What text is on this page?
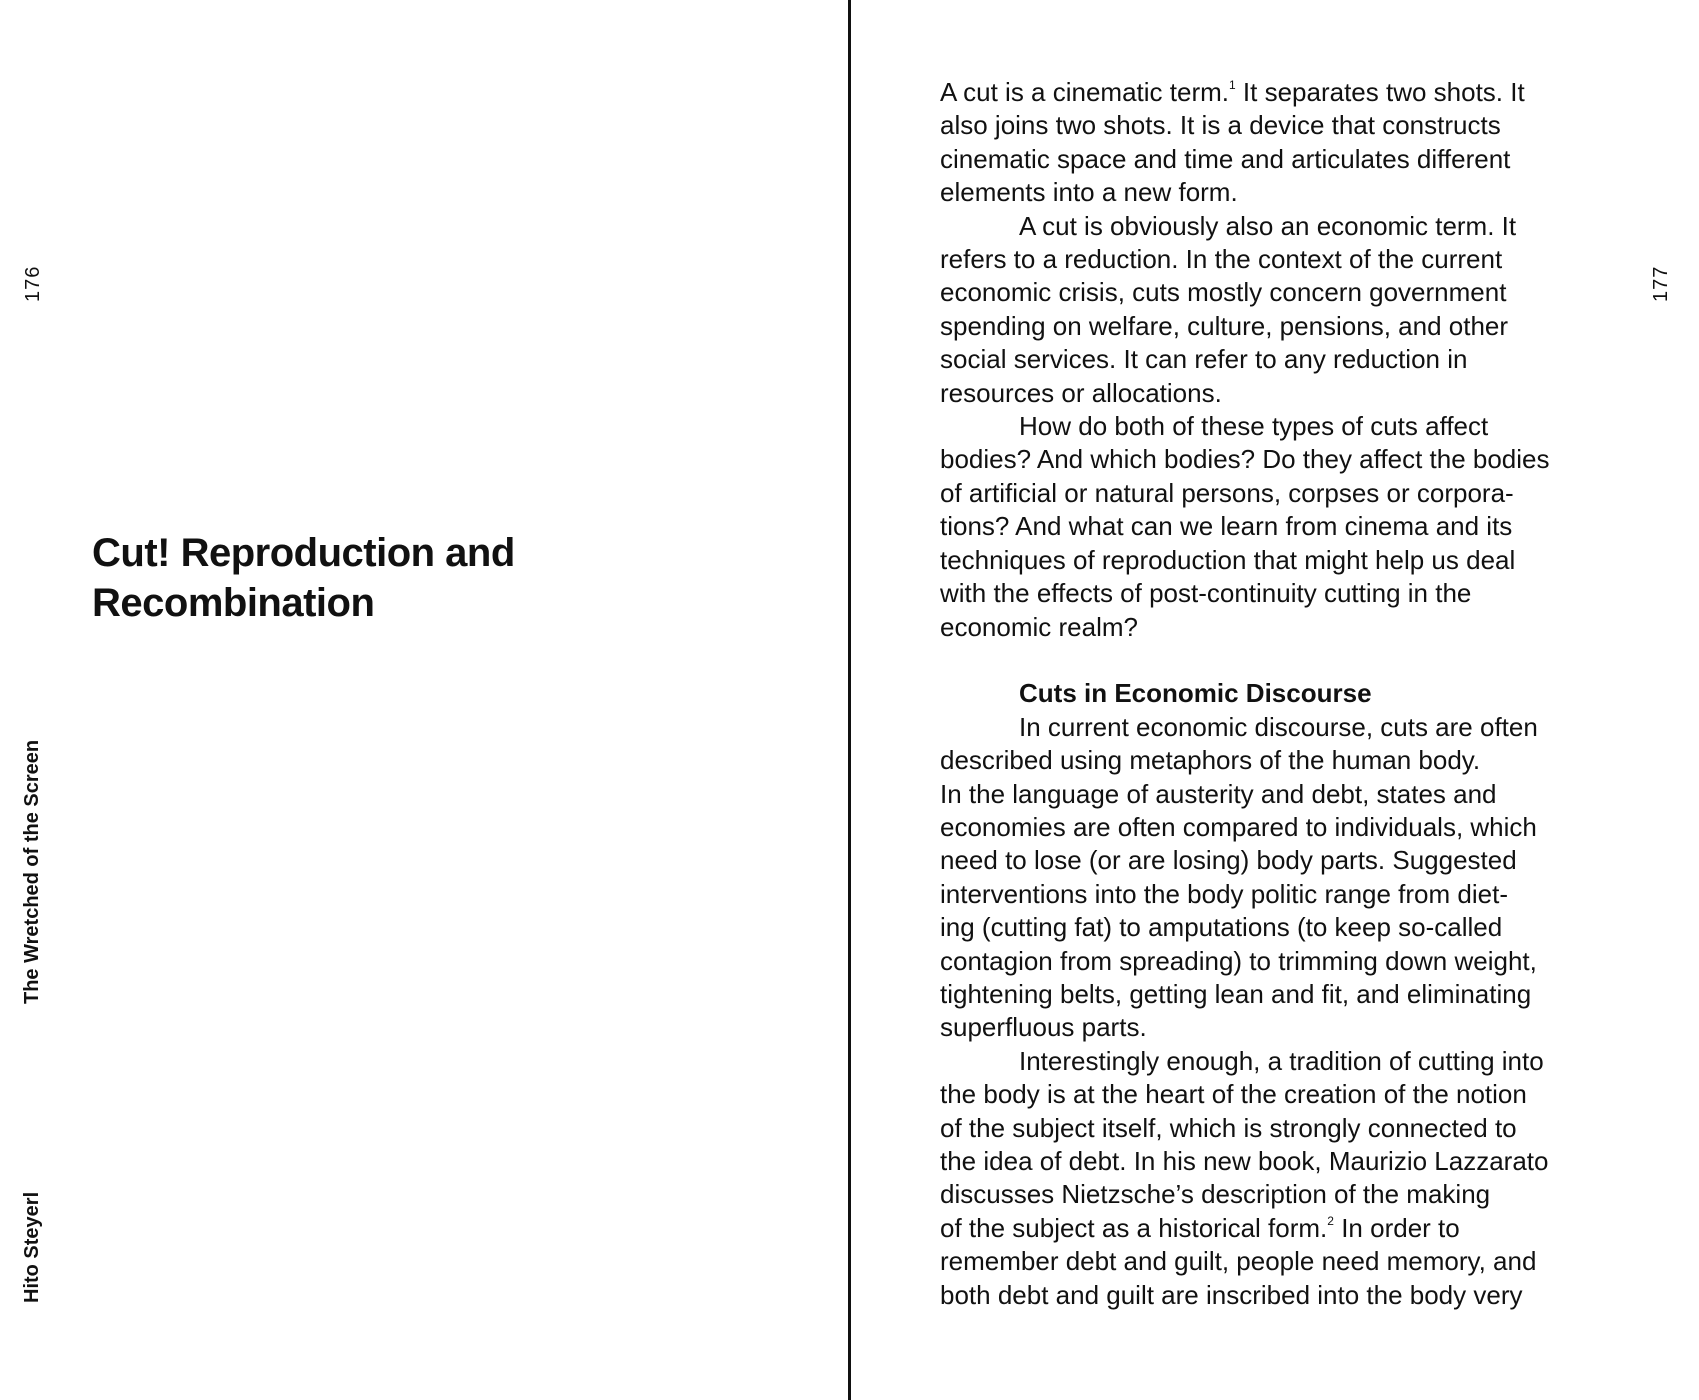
176
Cut! Reproduction and
Recombination
The Wretched of the Screen
Hito Steyerl
177
A cut is a cinematic term.$^1$ It separates two shots. It
also joins two shots. It is a device that constructs
cinematic space and time and articulates different
elements into a new form.
A cut is obviously also an economic term. It
refers to a reduction. In the context of the current
economic crisis, cuts mostly concern government
spending on welfare, culture, pensions, and other
social services. It can refer to any reduction in
resources or allocations.
How do both of these types of cuts affect
bodies? And which bodies? Do they affect the bodies
of artificial or natural persons, corpses or corpora-
tions? And what can we learn from cinema and its
techniques of reproduction that might help us deal
with the effects of post-continuity cutting in the
economic realm?
Cuts in Economic Discourse
In current economic discourse, cuts are often
described using metaphors of the human body.
In the language of austerity and debt, states and
economies are often compared to individuals, which
need to lose (or are losing) body parts. Suggested
interventions into the body politic range from diet-
ing (cutting fat) to amputations (to keep so-called
contagion from spreading) to trimming down weight,
tightening belts, getting lean and fit, and eliminating
superfluous parts.
Interestingly enough, a tradition of cutting into
the body is at the heart of the creation of the notion
of the subject itself, which is strongly connected to
the idea of debt. In his new book, Maurizio Lazzarato
discusses Nietzsche’s description of the making
of the subject as a historical form.$^2$ In order to
remember debt and guilt, people need memory, and
both debt and guilt are inscribed into the body very
